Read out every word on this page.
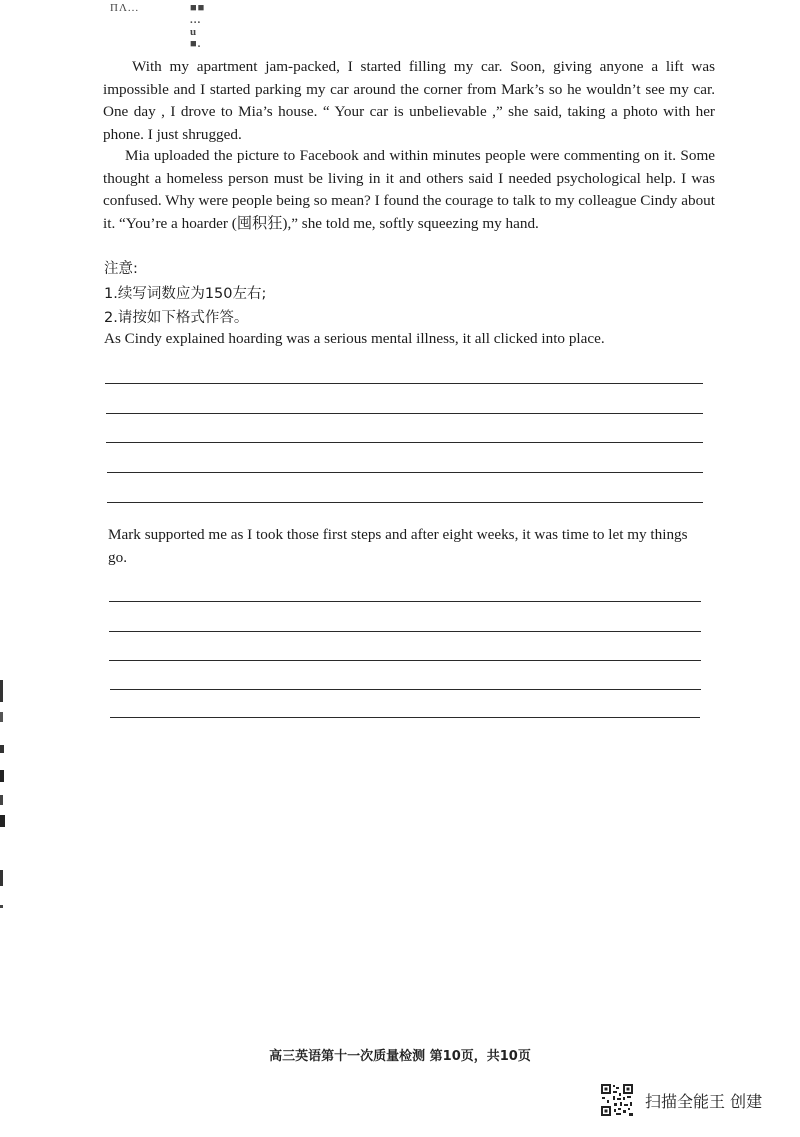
ΠΛ...	■■ ... u ■.

With my apartment jam-packed, I started filling my car. Soon, giving anyone a lift was impossible and I started parking my car around the corner from Mark’s so he wouldn’t see my car. One day , I drove to Mia’s house. “ Your car is unbelievable ,” she said, taking a photo with her phone. I just shrugged.

Mia uploaded the picture to Facebook and within minutes people were commenting on it. Some thought a homeless person must be living in it and others said I needed psychological help. I was confused. Why were people being so mean? I found the courage to talk to my colleague Cindy about it. “You’re a hoarder (囤积狂),” she told me, softly squeezing my hand.

注意:
1.续写词数应为150左右;
2.请按如下格式作答。

As Cindy explained hoarding was a serious mental illness, it all clicked into place.

Mark supported me as I took those first steps and after eight weeks, it was time to let my things go.

高三英语第十一次质量检测 第10页，共10页
扫描全能王 创建
